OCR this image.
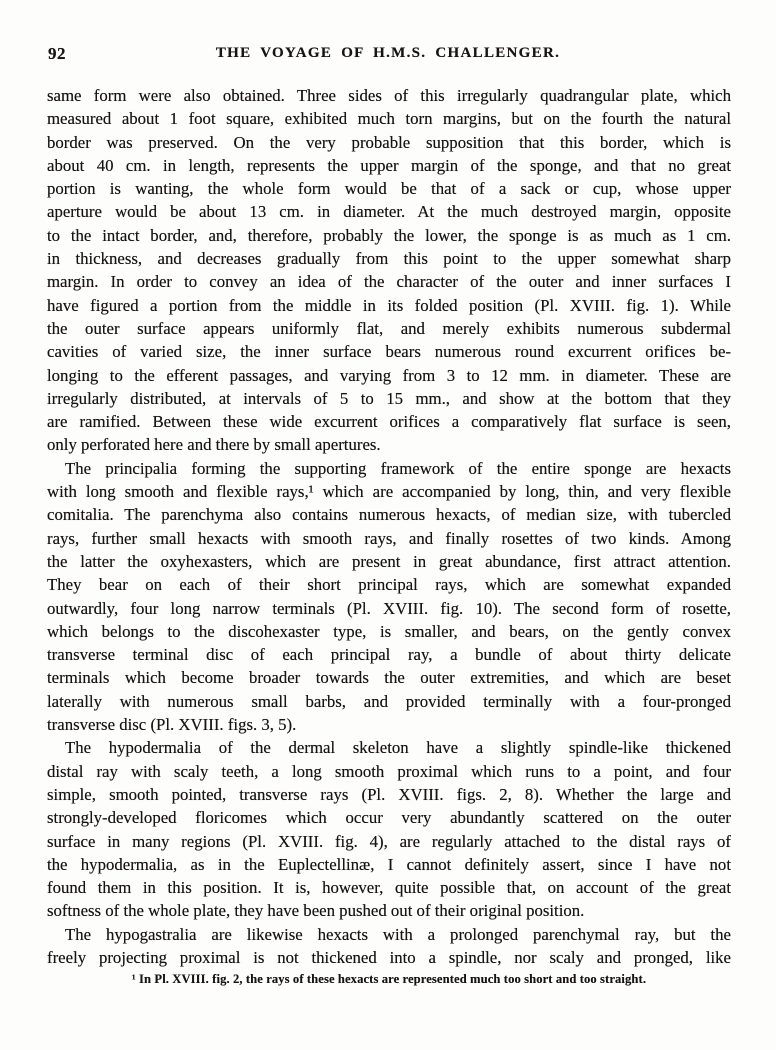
92	THE VOYAGE OF H.M.S. CHALLENGER.
same form were also obtained. Three sides of this irregularly quadrangular plate, which
measured about 1 foot square, exhibited much torn margins, but on the fourth the natural
border was preserved. On the very probable supposition that this border, which is
about 40 cm. in length, represents the upper margin of the sponge, and that no great
portion is wanting, the whole form would be that of a sack or cup, whose upper
aperture would be about 13 cm. in diameter. At the much destroyed margin, opposite
to the intact border, and, therefore, probably the lower, the sponge is as much as 1 cm.
in thickness, and decreases gradually from this point to the upper somewhat sharp
margin. In order to convey an idea of the character of the outer and inner surfaces I
have figured a portion from the middle in its folded position (Pl. XVIII. fig. 1). While
the outer surface appears uniformly flat, and merely exhibits numerous subdermal
cavities of varied size, the inner surface bears numerous round excurrent orifices be-
longing to the efferent passages, and varying from 3 to 12 mm. in diameter. These are
irregularly distributed, at intervals of 5 to 15 mm., and show at the bottom that they
are ramified. Between these wide excurrent orifices a comparatively flat surface is seen,
only perforated here and there by small apertures.
The principalia forming the supporting framework of the entire sponge are hexacts
with long smooth and flexible rays,¹ which are accompanied by long, thin, and very flexible
comitalia. The parenchyma also contains numerous hexacts, of median size, with tubercled
rays, further small hexacts with smooth rays, and finally rosettes of two kinds. Among
the latter the oxyhexasters, which are present in great abundance, first attract attention.
They bear on each of their short principal rays, which are somewhat expanded
outwardly, four long narrow terminals (Pl. XVIII. fig. 10). The second form of rosette,
which belongs to the discohexaster type, is smaller, and bears, on the gently convex
transverse terminal disc of each principal ray, a bundle of about thirty delicate
terminals which become broader towards the outer extremities, and which are beset
laterally with numerous small barbs, and provided terminally with a four-pronged
transverse disc (Pl. XVIII. figs. 3, 5).
The hypodermalia of the dermal skeleton have a slightly spindle-like thickened
distal ray with scaly teeth, a long smooth proximal which runs to a point, and four
simple, smooth pointed, transverse rays (Pl. XVIII. figs. 2, 8). Whether the large and
strongly-developed floricomes which occur very abundantly scattered on the outer
surface in many regions (Pl. XVIII. fig. 4), are regularly attached to the distal rays of
the hypodermalia, as in the Euplectellinæ, I cannot definitely assert, since I have not
found them in this position. It is, however, quite possible that, on account of the great
softness of the whole plate, they have been pushed out of their original position.
The hypogastralia are likewise hexacts with a prolonged parenchymal ray, but the
freely projecting proximal is not thickened into a spindle, nor scaly and pronged, like
¹ In Pl. XVIII. fig. 2, the rays of these hexacts are represented much too short and too straight.
